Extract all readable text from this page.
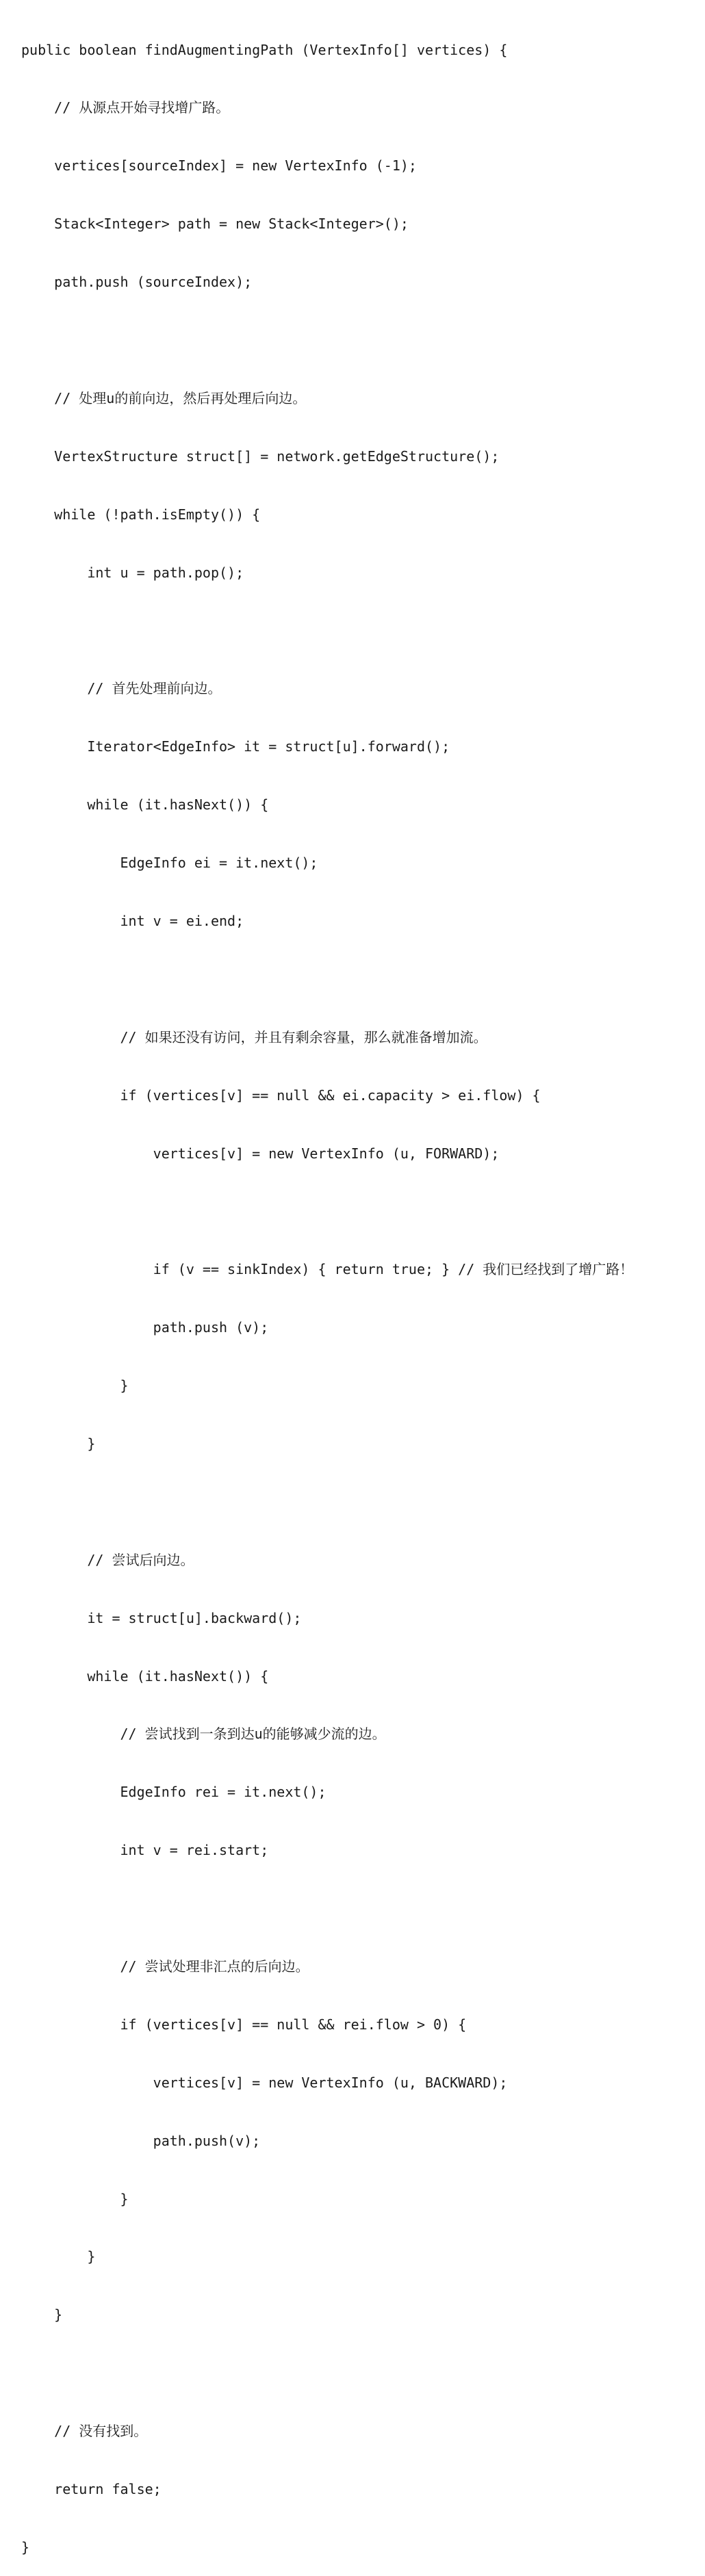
public boolean findAugmentingPath (VertexInfo[] vertices) {

// 从源点开始寻找增广路。

vertices[sourceIndex] = new VertexInfo (-1);

Stack<Integer> path = new Stack<Integer>();

path.push (sourceIndex);

// 处理u的前向边，然后再处理后向边。

VertexStructure struct[] = network.getEdgeStructure();

while (!path.isEmpty()) {

int u = path.pop();

// 首先处理前向边。

Iterator<EdgeInfo> it = struct[u].forward();

while (it.hasNext()) {

EdgeInfo ei = it.next();

int v = ei.end;

// 如果还没有访问，并且有剩余容量，那么就准备增加流。

if (vertices[v] == null && ei.capacity > ei.flow) {

vertices[v] = new VertexInfo (u, FORWARD);

if (v == sinkIndex) { return true; } // 我们已经找到了增广路！

path.push (v);

}

}

// 尝试后向边。

it = struct[u].backward();

while (it.hasNext()) {

// 尝试找到一条到达u的能够减少流的边。

EdgeInfo rei = it.next();

int v = rei.start;

// 尝试处理非汇点的后向边。

if (vertices[v] == null && rei.flow > 0) {

vertices[v] = new VertexInfo (u, BACKWARD);

path.push(v);

}

}

}

// 没有找到。

return false;

}
